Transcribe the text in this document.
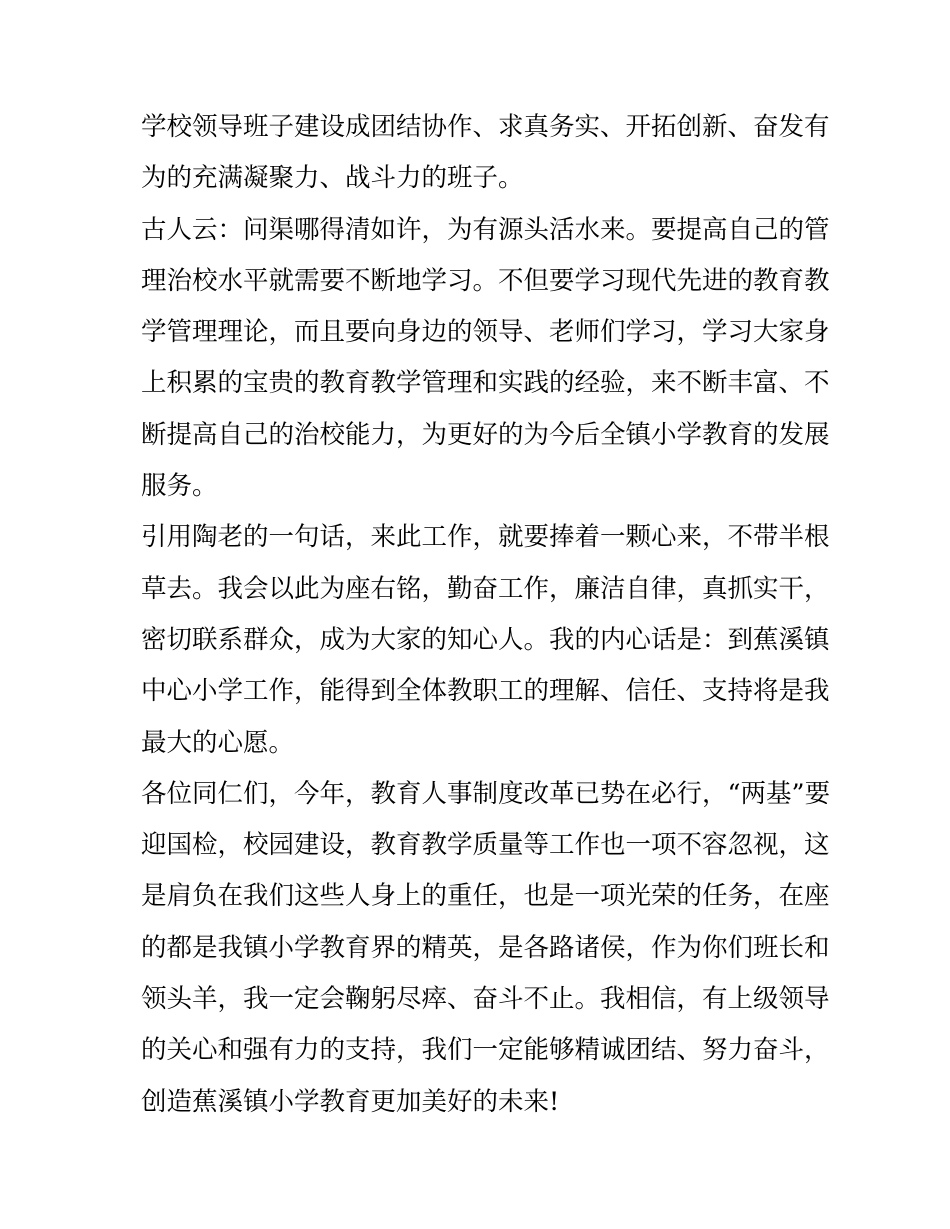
学校领导班子建设成团结协作、求真务实、开拓创新、奋发有
为的充满凝聚力、战斗力的班子。
古人云：问渠哪得清如许，为有源头活水来。要提高自己的管
理治校水平就需要不断地学习。不但要学习现代先进的教育教
学管理理论，而且要向身边的领导、老师们学习，学习大家身
上积累的宝贵的教育教学管理和实践的经验，来不断丰富、不
断提高自己的治校能力，为更好的为今后全镇小学教育的发展
服务。
引用陶老的一句话，来此工作，就要捧着一颗心来，不带半根
草去。我会以此为座右铭，勤奋工作，廉洁自律，真抓实干，
密切联系群众，成为大家的知心人。我的内心话是：到蕉溪镇
中心小学工作，能得到全体教职工的理解、信任、支持将是我
最大的心愿。
各位同仁们，今年，教育人事制度改革已势在必行，“两基”要
迎国检，校园建设，教育教学质量等工作也一项不容忽视，这
是肩负在我们这些人身上的重任，也是一项光荣的任务，在座
的都是我镇小学教育界的精英，是各路诸侯，作为你们班长和
领头羊，我一定会鞠躬尽瘁、奋斗不止。我相信，有上级领导
的关心和强有力的支持，我们一定能够精诚团结、努力奋斗，
创造蕉溪镇小学教育更加美好的未来!
